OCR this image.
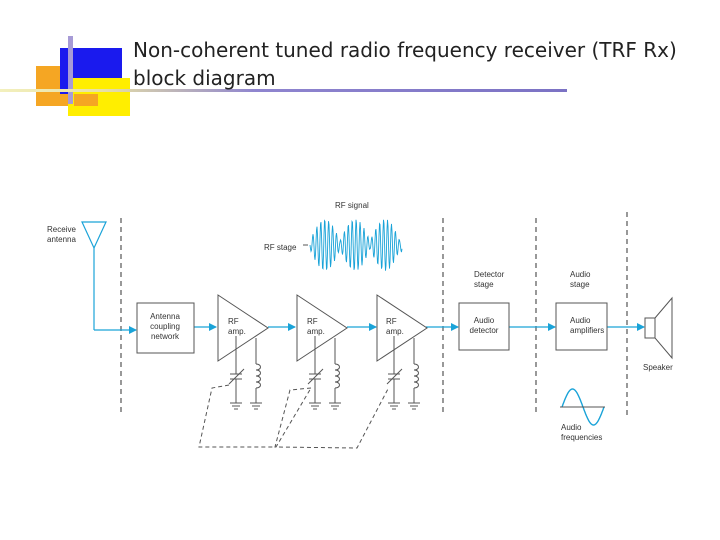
Non-coherent tuned radio frequency receiver (TRF Rx) block diagram
Receive antenna
Antenna coupling network
RF amp.
RF amp.
RF amp.
Audio detector
Audio amplifiers
Speaker
Detector stage
Audio stage
RF signal
RF stage
Audio frequencies
